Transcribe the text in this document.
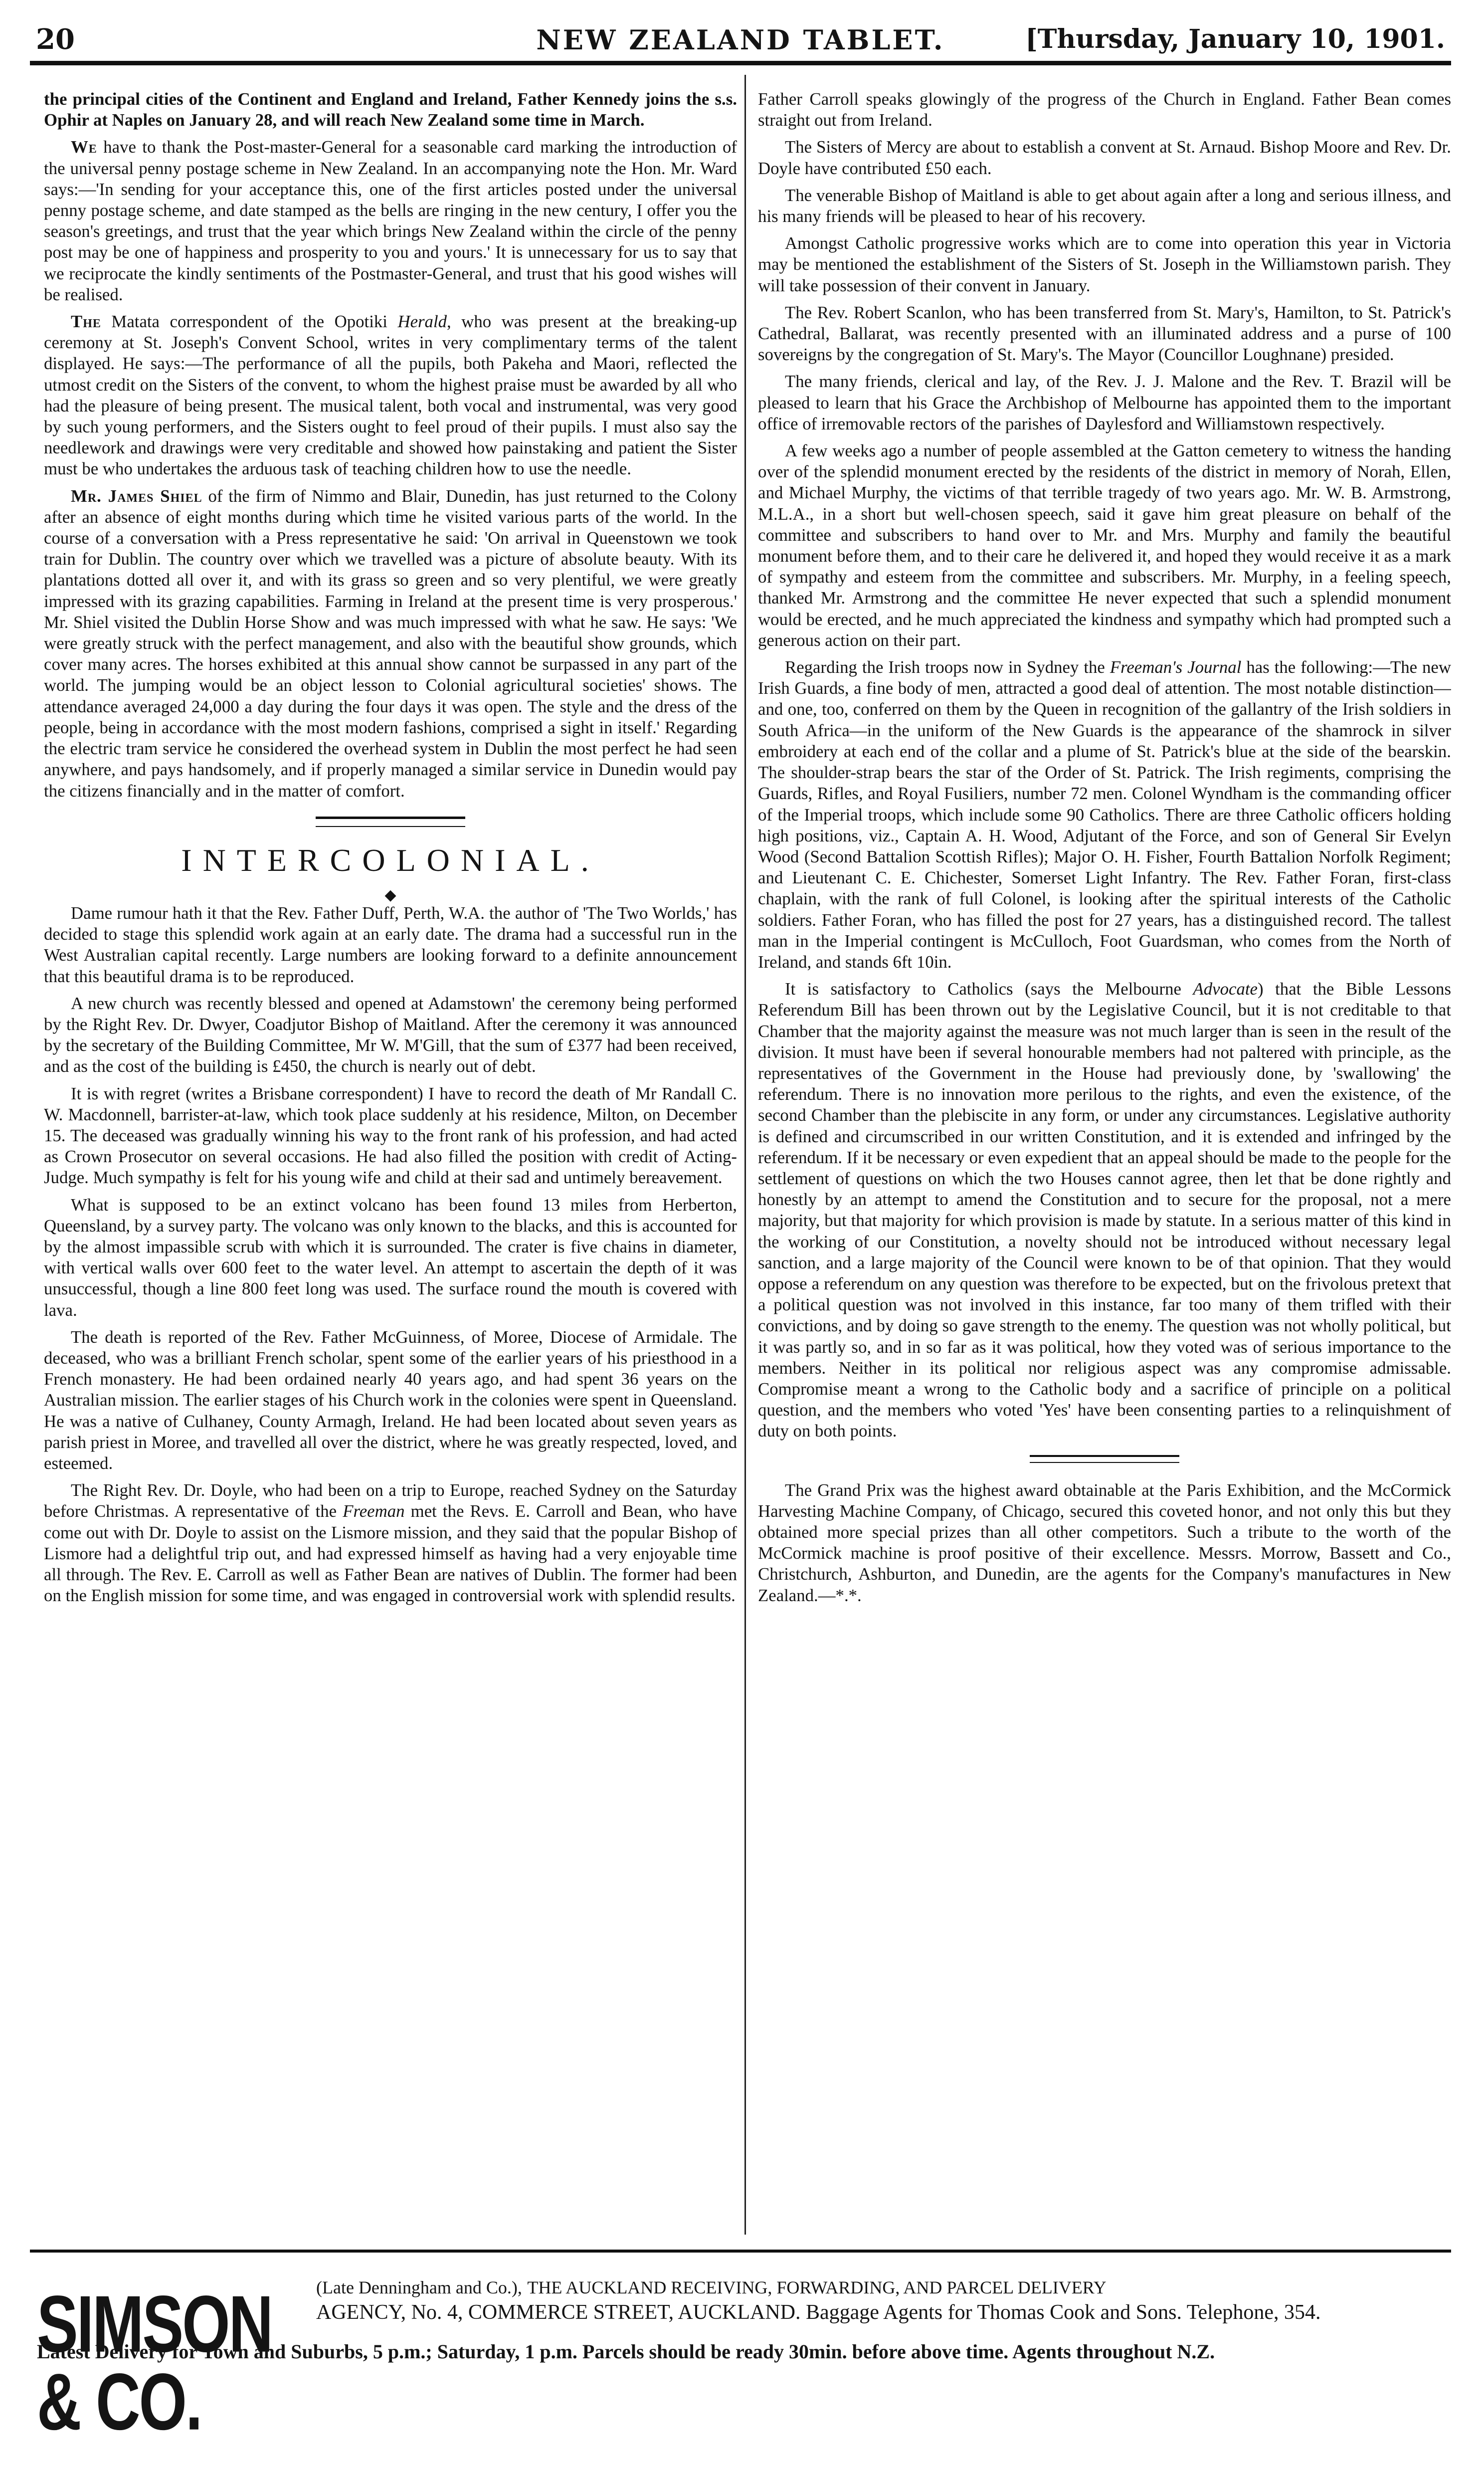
20	NEW ZEALAND TABLET.	[Thursday, January 10, 1901.

the principal cities of the Continent and England and Ireland, Father Kennedy joins the s.s. Ophir at Naples on January 28, and will reach New Zealand some time in March.

We have to thank the Post-master-General for a seasonable card marking the introduction of the universal penny postage scheme in New Zealand. In an accompanying note the Hon. Mr. Ward says:—'In sending for your acceptance this, one of the first articles posted under the universal penny postage scheme, and date stamped as the bells are ringing in the new century, I offer you the season's greetings, and trust that the year which brings New Zealand within the circle of the penny post may be one of happiness and prosperity to you and yours.' It is unnecessary for us to say that we reciprocate the kindly sentiments of the Postmaster-General, and trust that his good wishes will be realised.

The Matata correspondent of the Opotiki Herald, who was present at the breaking-up ceremony at St. Joseph's Convent School, writes in very complimentary terms of the talent displayed. He says:—The performance of all the pupils, both Pakeha and Maori, reflected the utmost credit on the Sisters of the convent, to whom the highest praise must be awarded by all who had the pleasure of being present. The musical talent, both vocal and instrumental, was very good by such young performers, and the Sisters ought to feel proud of their pupils. I must also say the needlework and drawings were very creditable and showed how painstaking and patient the Sister must be who undertakes the arduous task of teaching children how to use the needle.

Mr. James Shiel of the firm of Nimmo and Blair, Dunedin, has just returned to the Colony after an absence of eight months during which time he visited various parts of the world. In the course of a conversation with a Press representative he said: 'On arrival in Queenstown we took train for Dublin. The country over which we travelled was a picture of absolute beauty. With its plantations dotted all over it, and with its grass so green and so very plentiful, we were greatly impressed with its grazing capabilities. Farming in Ireland at the present time is very prosperous.' Mr. Shiel visited the Dublin Horse Show and was much impressed with what he saw. He says: 'We were greatly struck with the perfect management, and also with the beautiful show grounds, which cover many acres. The horses exhibited at this annual show cannot be surpassed in any part of the world. The jumping would be an object lesson to Colonial agricultural societies' shows. The attendance averaged 24,000 a day during the four days it was open. The style and the dress of the people, being in accordance with the most modern fashions, comprised a sight in itself.' Regarding the electric tram service he considered the overhead system in Dublin the most perfect he had seen anywhere, and pays handsomely, and if properly managed a similar service in Dunedin would pay the citizens financially and in the matter of comfort.

INTERCOLONIAL.
◆

Dame rumour hath it that the Rev. Father Duff, Perth, W.A. the author of 'The Two Worlds,' has decided to stage this splendid work again at an early date. The drama had a successful run in the West Australian capital recently. Large numbers are looking forward to a definite announcement that this beautiful drama is to be reproduced.

A new church was recently blessed and opened at Adamstown' the ceremony being performed by the Right Rev. Dr. Dwyer, Coadjutor Bishop of Maitland. After the ceremony it was announced by the secretary of the Building Committee, Mr W. M'Gill, that the sum of £377 had been received, and as the cost of the building is £450, the church is nearly out of debt.

It is with regret (writes a Brisbane correspondent) I have to record the death of Mr Randall C. W. Macdonnell, barrister-at-law, which took place suddenly at his residence, Milton, on December 15. The deceased was gradually winning his way to the front rank of his profession, and had acted as Crown Prosecutor on several occasions. He had also filled the position with credit of Acting-Judge. Much sympathy is felt for his young wife and child at their sad and untimely bereavement.

What is supposed to be an extinct volcano has been found 13 miles from Herberton, Queensland, by a survey party. The volcano was only known to the blacks, and this is accounted for by the almost impassible scrub with which it is surrounded. The crater is five chains in diameter, with vertical walls over 600 feet to the water level. An attempt to ascertain the depth of it was unsuccessful, though a line 800 feet long was used. The surface round the mouth is covered with lava.

The death is reported of the Rev. Father McGuinness, of Moree, Diocese of Armidale. The deceased, who was a brilliant French scholar, spent some of the earlier years of his priesthood in a French monastery. He had been ordained nearly 40 years ago, and had spent 36 years on the Australian mission. The earlier stages of his Church work in the colonies were spent in Queensland. He was a native of Culhaney, County Armagh, Ireland. He had been located about seven years as parish priest in Moree, and travelled all over the district, where he was greatly respected, loved, and esteemed.

The Right Rev. Dr. Doyle, who had been on a trip to Europe, reached Sydney on the Saturday before Christmas. A representative of the Freeman met the Revs. E. Carroll and Bean, who have come out with Dr. Doyle to assist on the Lismore mission, and they said that the popular Bishop of Lismore had a delightful trip out, and had expressed himself as having had a very enjoyable time all through. The Rev. E. Carroll as well as Father Bean are natives of Dublin. The former had been on the English mission for some time, and was engaged in controversial work with splendid results.

Father Carroll speaks glowingly of the progress of the Church in England. Father Bean comes straight out from Ireland.

The Sisters of Mercy are about to establish a convent at St. Arnaud. Bishop Moore and Rev. Dr. Doyle have contributed £50 each.

The venerable Bishop of Maitland is able to get about again after a long and serious illness, and his many friends will be pleased to hear of his recovery.

Amongst Catholic progressive works which are to come into operation this year in Victoria may be mentioned the establishment of the Sisters of St. Joseph in the Williamstown parish. They will take possession of their convent in January.

The Rev. Robert Scanlon, who has been transferred from St. Mary's, Hamilton, to St. Patrick's Cathedral, Ballarat, was recently presented with an illuminated address and a purse of 100 sovereigns by the congregation of St. Mary's. The Mayor (Councillor Loughnane) presided.

The many friends, clerical and lay, of the Rev. J. J. Malone and the Rev. T. Brazil will be pleased to learn that his Grace the Archbishop of Melbourne has appointed them to the important office of irremovable rectors of the parishes of Daylesford and Williamstown respectively.

A few weeks ago a number of people assembled at the Gatton cemetery to witness the handing over of the splendid monument erected by the residents of the district in memory of Norah, Ellen, and Michael Murphy, the victims of that terrible tragedy of two years ago. Mr. W. B. Armstrong, M.L.A., in a short but well-chosen speech, said it gave him great pleasure on behalf of the committee and subscribers to hand over to Mr. and Mrs. Murphy and family the beautiful monument before them, and to their care he delivered it, and hoped they would receive it as a mark of sympathy and esteem from the committee and subscribers. Mr. Murphy, in a feeling speech, thanked Mr. Armstrong and the committee He never expected that such a splendid monument would be erected, and he much appreciated the kindness and sympathy which had prompted such a generous action on their part.

Regarding the Irish troops now in Sydney the Freeman's Journal has the following:—The new Irish Guards, a fine body of men, attracted a good deal of attention. The most notable distinction—and one, too, conferred on them by the Queen in recognition of the gallantry of the Irish soldiers in South Africa—in the uniform of the New Guards is the appearance of the shamrock in silver embroidery at each end of the collar and a plume of St. Patrick's blue at the side of the bearskin. The shoulder-strap bears the star of the Order of St. Patrick. The Irish regiments, comprising the Guards, Rifles, and Royal Fusiliers, number 72 men. Colonel Wyndham is the commanding officer of the Imperial troops, which include some 90 Catholics. There are three Catholic officers holding high positions, viz., Captain A. H. Wood, Adjutant of the Force, and son of General Sir Evelyn Wood (Second Battalion Scottish Rifles); Major O. H. Fisher, Fourth Battalion Norfolk Regiment; and Lieutenant C. E. Chichester, Somerset Light Infantry. The Rev. Father Foran, first-class chaplain, with the rank of full Colonel, is looking after the spiritual interests of the Catholic soldiers. Father Foran, who has filled the post for 27 years, has a distinguished record. The tallest man in the Imperial contingent is McCulloch, Foot Guardsman, who comes from the North of Ireland, and stands 6ft 10in.

It is satisfactory to Catholics (says the Melbourne Advocate) that the Bible Lessons Referendum Bill has been thrown out by the Legislative Council, but it is not creditable to that Chamber that the majority against the measure was not much larger than is seen in the result of the division. It must have been if several honourable members had not paltered with principle, as the representatives of the Government in the House had previously done, by 'swallowing' the referendum. There is no innovation more perilous to the rights, and even the existence, of the second Chamber than the plebiscite in any form, or under any circumstances. Legislative authority is defined and circumscribed in our written Constitution, and it is extended and infringed by the referendum. If it be necessary or even expedient that an appeal should be made to the people for the settlement of questions on which the two Houses cannot agree, then let that be done rightly and honestly by an attempt to amend the Constitution and to secure for the proposal, not a mere majority, but that majority for which provision is made by statute. In a serious matter of this kind in the working of our Constitution, a novelty should not be introduced without necessary legal sanction, and a large majority of the Council were known to be of that opinion. That they would oppose a referendum on any question was therefore to be expected, but on the frivolous pretext that a political question was not involved in this instance, far too many of them trifled with their convictions, and by doing so gave strength to the enemy. The question was not wholly political, but it was partly so, and in so far as it was political, how they voted was of serious importance to the members. Neither in its political nor religious aspect was any compromise admissable. Compromise meant a wrong to the Catholic body and a sacrifice of principle on a political question, and the members who voted 'Yes' have been consenting parties to a relinquishment of duty on both points.

The Grand Prix was the highest award obtainable at the Paris Exhibition, and the McCormick Harvesting Machine Company, of Chicago, secured this coveted honor, and not only this but they obtained more special prizes than all other competitors. Such a tribute to the worth of the McCormick machine is proof positive of their excellence. Messrs. Morrow, Bassett and Co., Christchurch, Ashburton, and Dunedin, are the agents for the Company's manufactures in New Zealand.—*.*.

SIMSON & CO.
(Late Denningham and Co.), THE AUCKLAND RECEIVING, FORWARDING, AND PARCEL DELIVERY
AGENCY, No. 4, COMMERCE STREET, AUCKLAND. Baggage Agents for Thomas Cook and Sons. Telephone, 354.
Latest Delivery for Town and Suburbs, 5 p.m.; Saturday, 1 p.m. Parcels should be ready 30min. before above time. Agents throughout N.Z.
